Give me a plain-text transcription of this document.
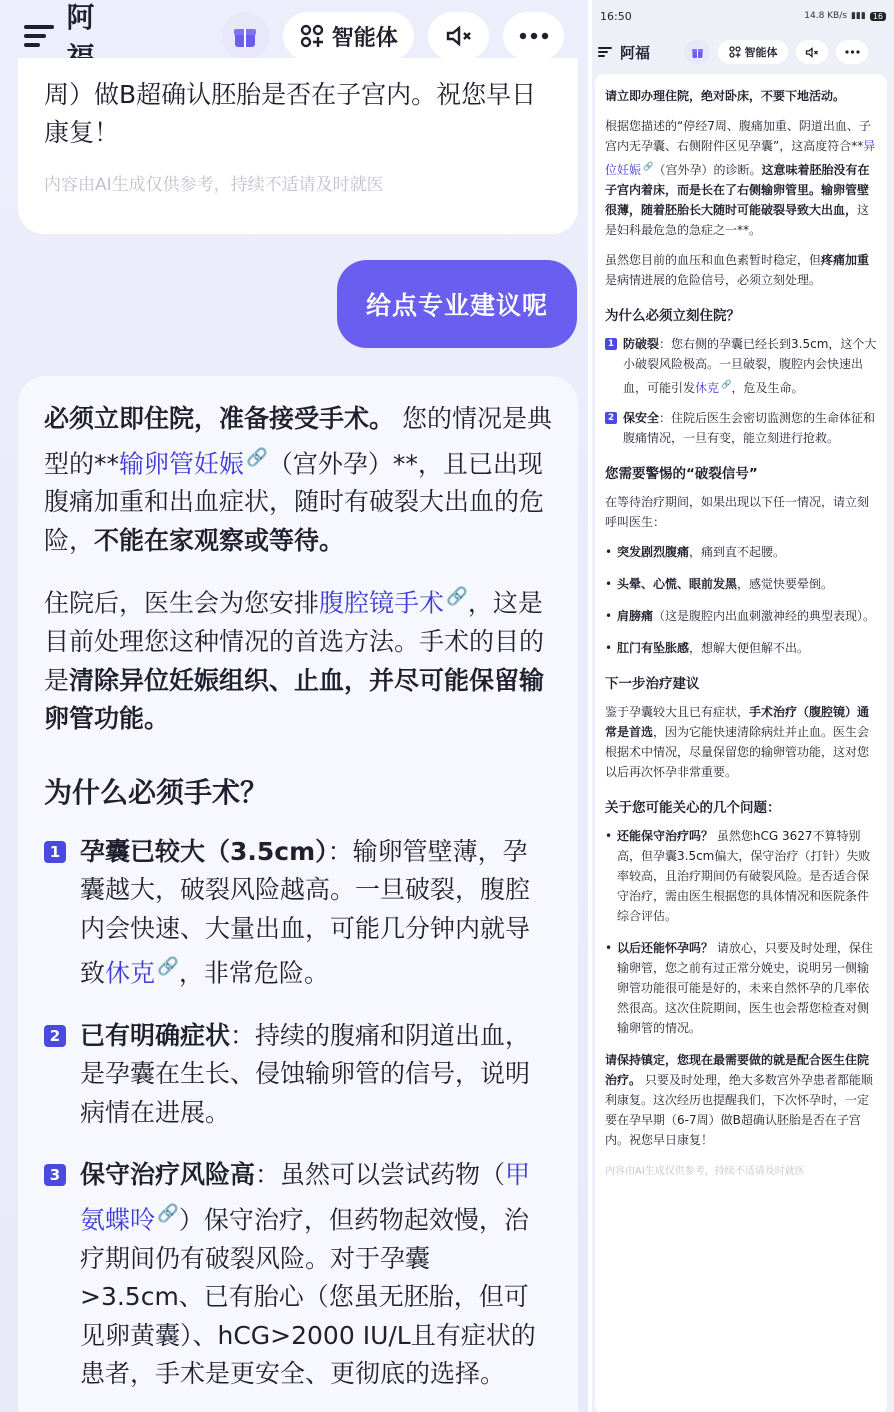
阿
智能体
周）做B超确认胚胎是否在子宫内。祝您早日康复！
内容由AI生成仅供参考，持续不适请及时就医
给点专业建议呢

必须立即住院，准备接受手术。 您的情况是典型的**输卵管妊娠 🔗（宫外孕）**，且已出现腹痛加重和出血症状，随时有破裂大出血的危险，不能在家观察或等待。

住院后，医生会为您安排腹腔镜手术 🔗，这是目前处理您这种情况的首选方法。手术的目的是清除异位妊娠组织、止血，并尽可能保留输卵管功能。

为什么必须手术？
1 孕囊已较大（3.5cm）：输卵管壁薄，孕囊越大，破裂风险越高。一旦破裂，腹腔内会快速、大量出血，可能几分钟内就导致休克 🔗，非常危险。
2 已有明确症状：持续的腹痛和阴道出血，是孕囊在生长、侵蚀输卵管的信号，说明病情在进展。
3 保守治疗风险高：虽然可以尝试药物（甲氨蝶呤 🔗）保守治疗，但药物起效慢，治疗期间仍有破裂风险。对于孕囊>3.5cm、已有胎心（您虽无胚胎，但可见卵黄囊）、hCG>2000 IU/L且有症状的患者，手术是更安全、更彻底的选择。
16:50	14.8 KB/s ▮▮▮ 16
阿福	智能体

请立即办理住院，绝对卧床，不要下地活动。

根据您描述的“停经7周、腹痛加重、阴道出血、子宫内无孕囊、右侧附件区见孕囊”，这高度符合**异位妊娠 🔗（宫外孕）的诊断。这意味着胚胎没有在子宫内着床，而是长在了右侧输卵管里。输卵管壁很薄，随着胚胎长大随时可能破裂导致大出血，这是妇科最危急的急症之一**。

虽然您目前的血压和血色素暂时稳定，但疼痛加重是病情进展的危险信号，必须立刻处理。

为什么必须立刻住院？
1 防破裂：您右侧的孕囊已经长到3.5cm，这个大小破裂风险极高。一旦破裂，腹腔内会快速出血，可能引发休克 🔗，危及生命。
2 保安全：住院后医生会密切监测您的生命体征和腹痛情况，一旦有变，能立刻进行抢救。
您需要警惕的“破裂信号”

在等待治疗期间，如果出现以下任一情况，请立刻呼叫医生：

• 突发剧烈腹痛，痛到直不起腰。
• 头晕、心慌、眼前发黑，感觉快要晕倒。
• 肩膀痛（这是腹腔内出血刺激神经的典型表现）。
• 肛门有坠胀感，想解大便但解不出。
下一步治疗建议

鉴于孕囊较大且已有症状，手术治疗（腹腔镜）通常是首选，因为它能快速清除病灶并止血。医生会根据术中情况，尽量保留您的输卵管功能，这对您以后再次怀孕非常重要。

关于您可能关心的几个问题：
• 还能保守治疗吗？ 虽然您hCG 3627不算特别高，但孕囊3.5cm偏大，保守治疗（打针）失败率较高，且治疗期间仍有破裂风险。是否适合保守治疗，需由医生根据您的具体情况和医院条件综合评估。
• 以后还能怀孕吗？ 请放心，只要及时处理，保住输卵管，您之前有过正常分娩史，说明另一侧输卵管功能很可能是好的，未来自然怀孕的几率依然很高。这次住院期间，医生也会帮您检查对侧输卵管的情况。

请保持镇定，您现在最需要做的就是配合医生住院治疗。 只要及时处理，绝大多数宫外孕患者都能顺利康复。这次经历也提醒我们，下次怀孕时，一定要在孕早期（6-7周）做B超确认胚胎是否在子宫内。祝您早日康复！

内容由AI生成仅供参考，持续不适请及时就医
